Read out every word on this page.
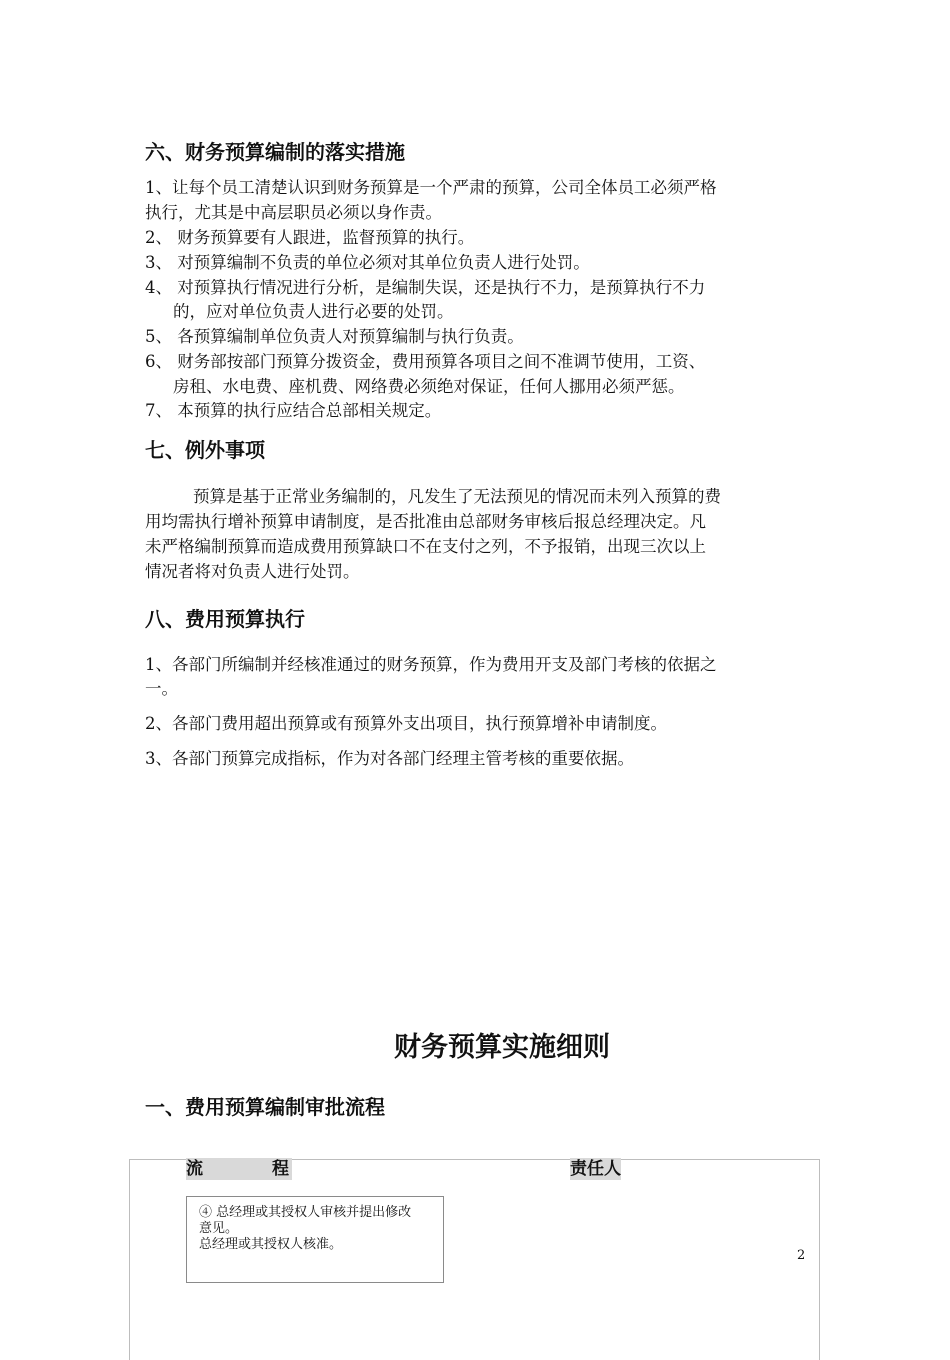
六、财务预算编制的落实措施
1、让每个员工清楚认识到财务预算是一个严肃的预算，公司全体员工必须严格
执行，尤其是中高层职员必须以身作责。
2、 财务预算要有人跟进，监督预算的执行。
3、 对预算编制不负责的单位必须对其单位负责人进行处罚。
4、 对预算执行情况进行分析，是编制失误，还是执行不力，是预算执行不力
的，应对单位负责人进行必要的处罚。
5、 各预算编制单位负责人对预算编制与执行负责。
6、 财务部按部门预算分拨资金，费用预算各项目之间不准调节使用，工资、
房租、水电费、座机费、网络费必须绝对保证，任何人挪用必须严惩。
7、 本预算的执行应结合总部相关规定。
七、例外事项
预算是基于正常业务编制的，凡发生了无法预见的情况而未列入预算的费
用均需执行增补预算申请制度，是否批准由总部财务审核后报总经理决定。凡
未严格编制预算而造成费用预算缺口不在支付之列，不予报销，出现三次以上
情况者将对负责人进行处罚。
八、费用预算执行
1、各部门所编制并经核准通过的财务预算，作为费用开支及部门考核的依据之
一。
2、各部门费用超出预算或有预算外支出项目，执行预算增补申请制度。
3、各部门预算完成指标，作为对各部门经理主管考核的重要依据。
财务预算实施细则
一、费用预算编制审批流程
流	程	责任人
④ 总经理或其授权人审核并提出修改
意见。
总经理或其授权人核准。
2
